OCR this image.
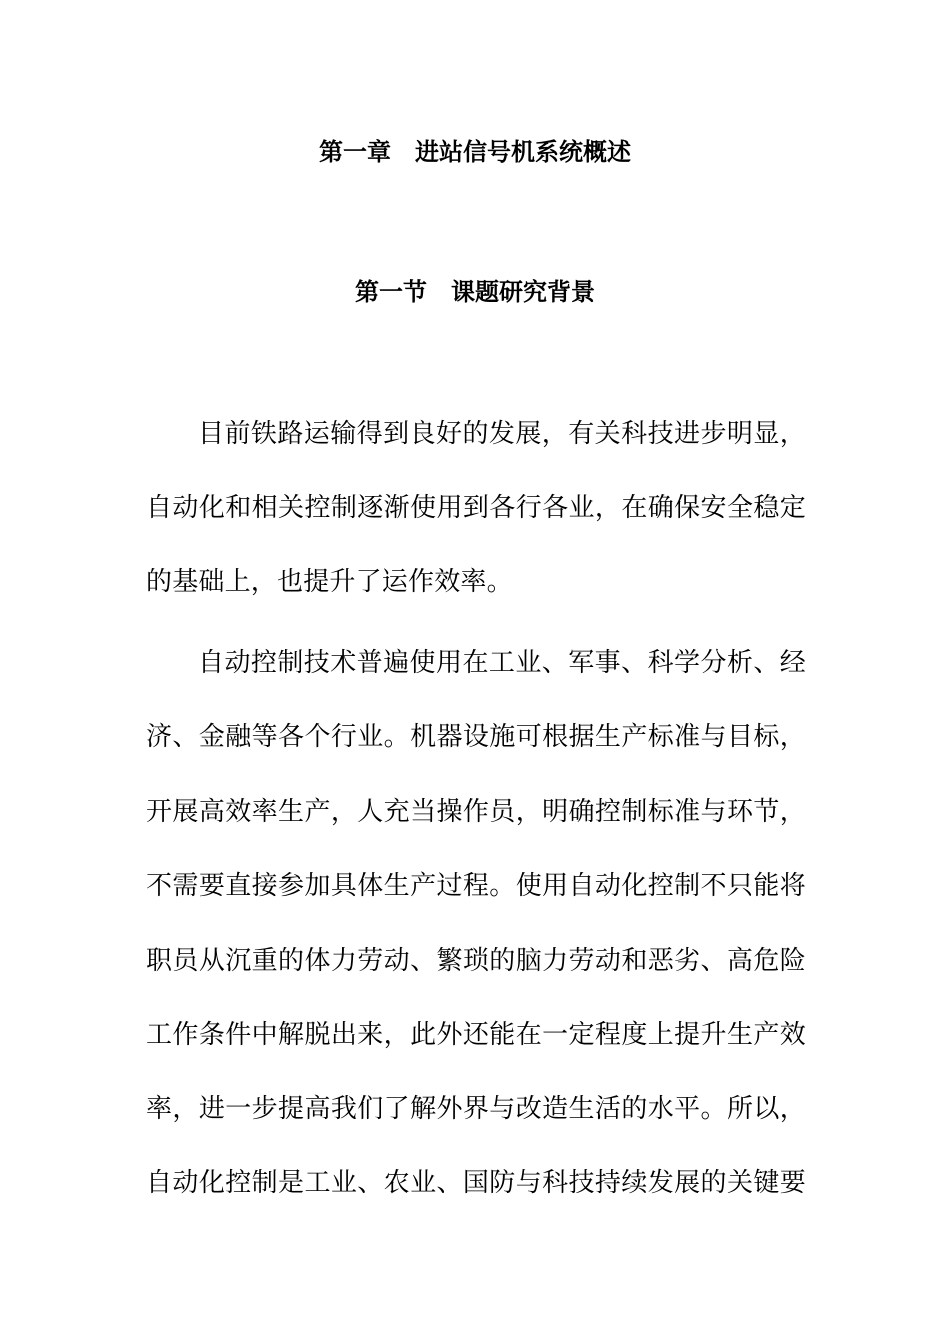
第一章　进站信号机系统概述
第一节　课题研究背景
目前铁路运输得到良好的发展，有关科技进步明显，
自动化和相关控制逐渐使用到各行各业，在确保安全稳定
的基础上，也提升了运作效率。
自动控制技术普遍使用在工业、军事、科学分析、经
济、金融等各个行业。机器设施可根据生产标准与目标，
开展高效率生产，人充当操作员，明确控制标准与环节，
不需要直接参加具体生产过程。使用自动化控制不只能将
职员从沉重的体力劳动、繁琐的脑力劳动和恶劣、高危险
工作条件中解脱出来，此外还能在一定程度上提升生产效
率，进一步提高我们了解外界与改造生活的水平。所以，
自动化控制是工业、农业、国防与科技持续发展的关键要
